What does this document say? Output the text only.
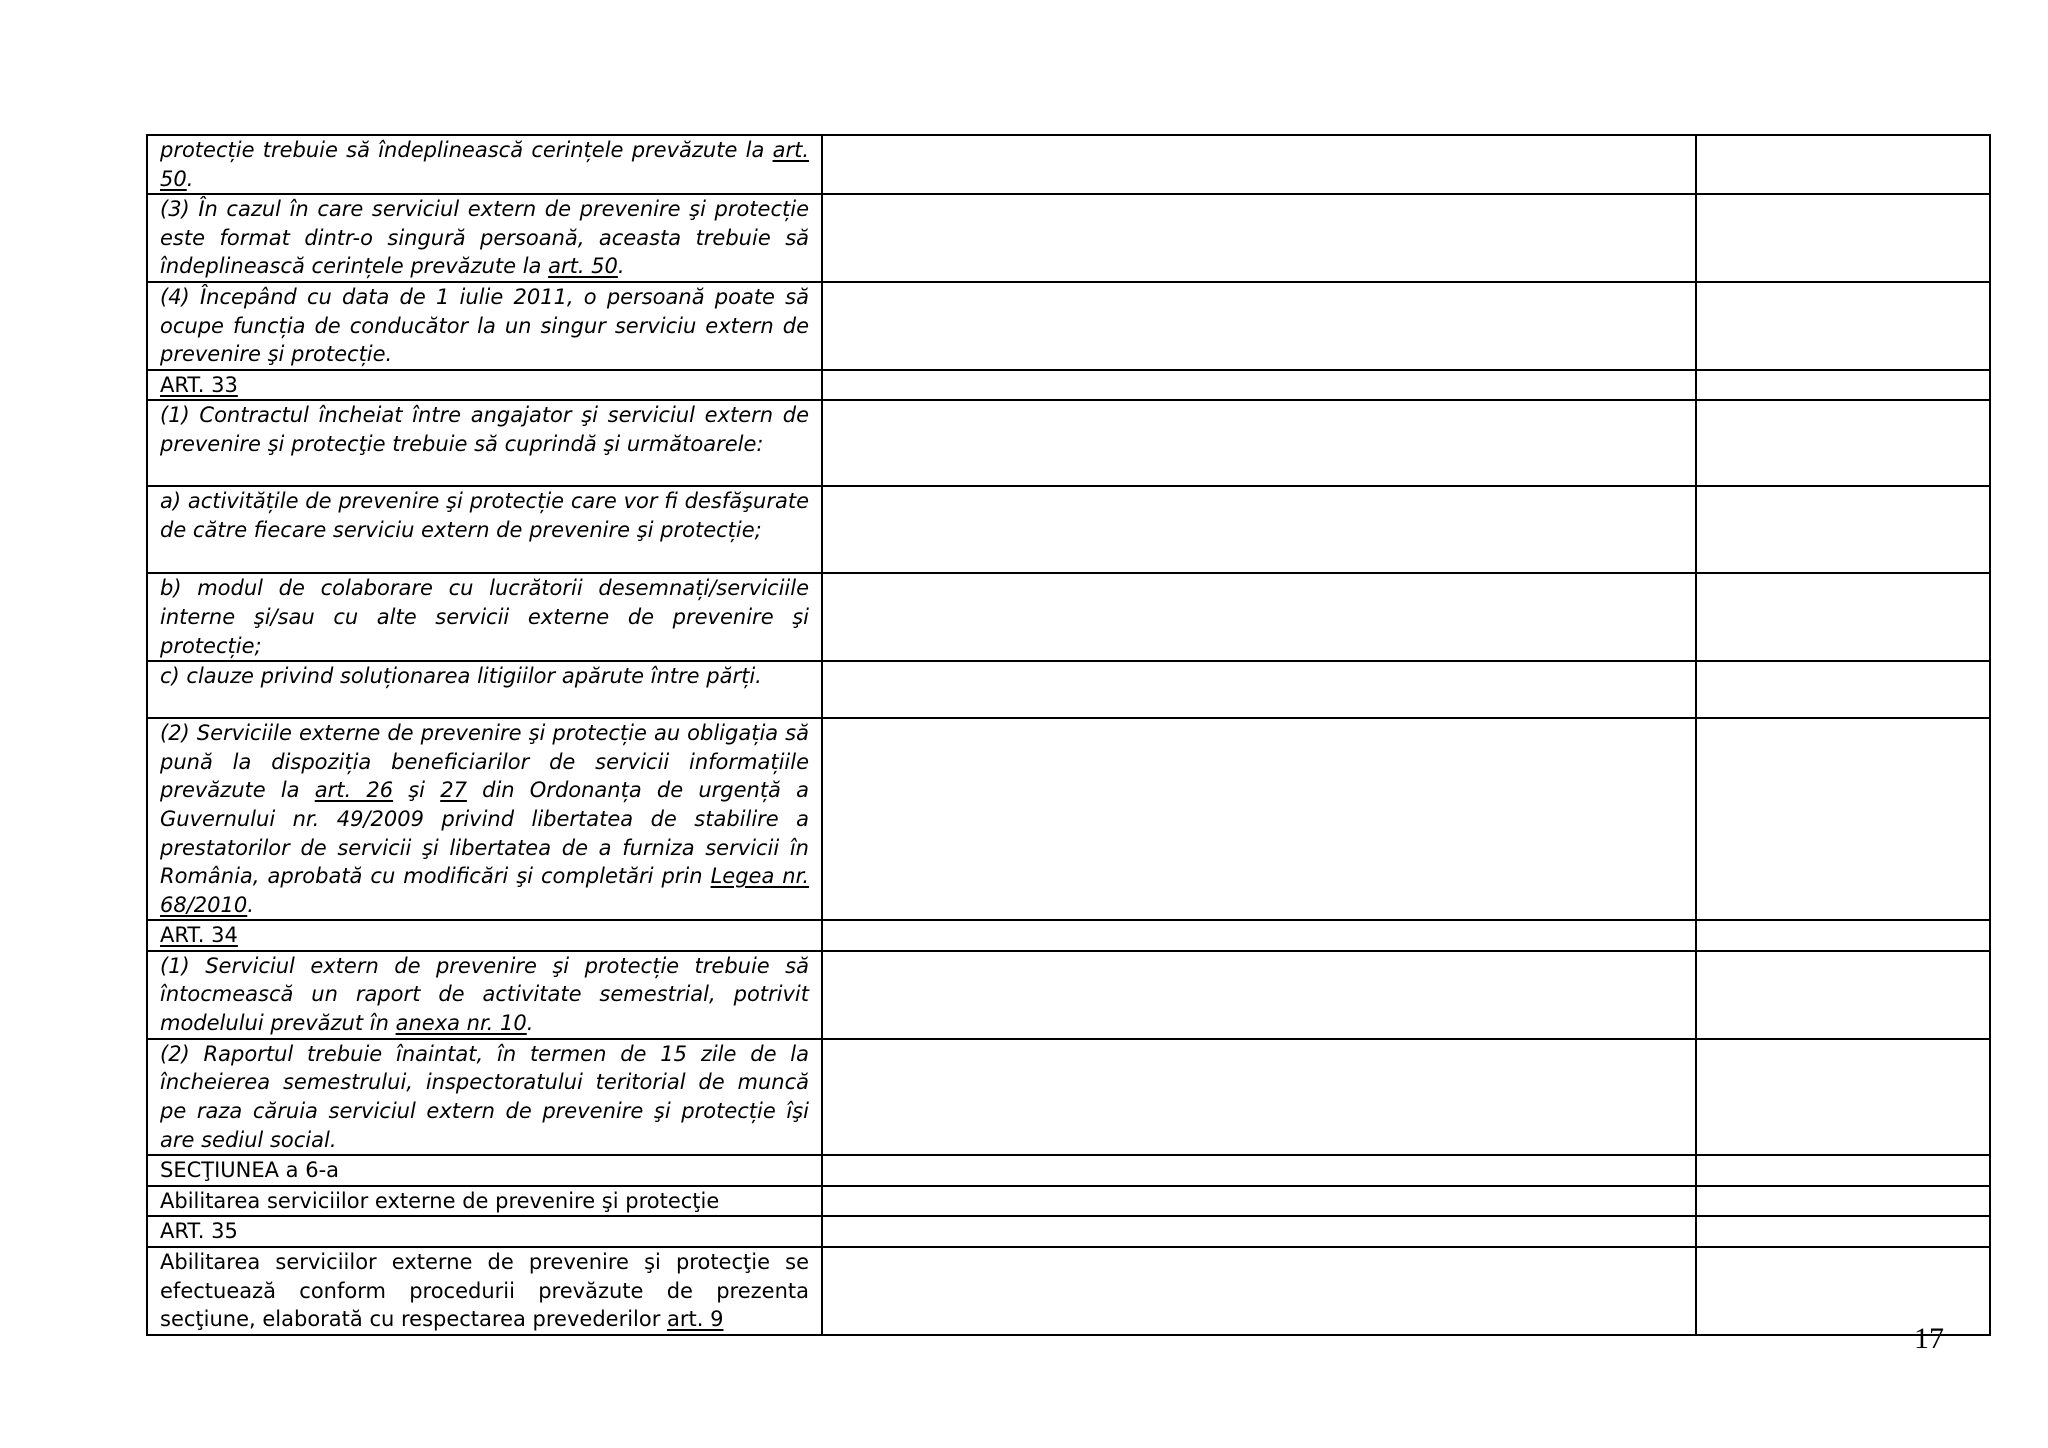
protecție trebuie să îndeplinească cerințele prevăzute la art. 50.		
(3) În cazul în care serviciul extern de prevenire şi protecție este format dintr-o singură persoană, aceasta trebuie să îndeplinească cerințele prevăzute la art. 50.		
(4) Începând cu data de 1 iulie 2011, o persoană poate să ocupe funcția de conducător la un singur serviciu extern de prevenire şi protecție.		
ART. 33		
(1) Contractul încheiat între angajator şi serviciul extern de prevenire şi protecţie trebuie să cuprindă şi următoarele:		
a) activitățile de prevenire şi protecție care vor fi desfăşurate de către fiecare serviciu extern de prevenire şi protecție;		
b) modul de colaborare cu lucrătorii desemnați/serviciile interne şi/sau cu alte servicii externe de prevenire şi protecție;		
c) clauze privind soluționarea litigiilor apărute între părți.		
(2) Serviciile externe de prevenire şi protecție au obligația să pună la dispoziția beneficiarilor de servicii informațiile prevăzute la art. 26 şi 27 din Ordonanța de urgență a Guvernului nr. 49/2009 privind libertatea de stabilire a prestatorilor de servicii şi libertatea de a furniza servicii în România, aprobată cu modificări şi completări prin Legea nr. 68/2010.		
ART. 34		
(1) Serviciul extern de prevenire şi protecție trebuie să întocmească un raport de activitate semestrial, potrivit modelului prevăzut în anexa nr. 10.		
(2) Raportul trebuie înaintat, în termen de 15 zile de la încheierea semestrului, inspectoratului teritorial de muncă pe raza căruia serviciul extern de prevenire şi protecție îşi are sediul social.		
SECŢIUNEA a 6-a		
Abilitarea serviciilor externe de prevenire şi protecţie		
ART. 35		
Abilitarea serviciilor externe de prevenire şi protecţie se efectuează conform procedurii prevăzute de prezenta secţiune, elaborată cu respectarea prevederilor art. 9		
17
